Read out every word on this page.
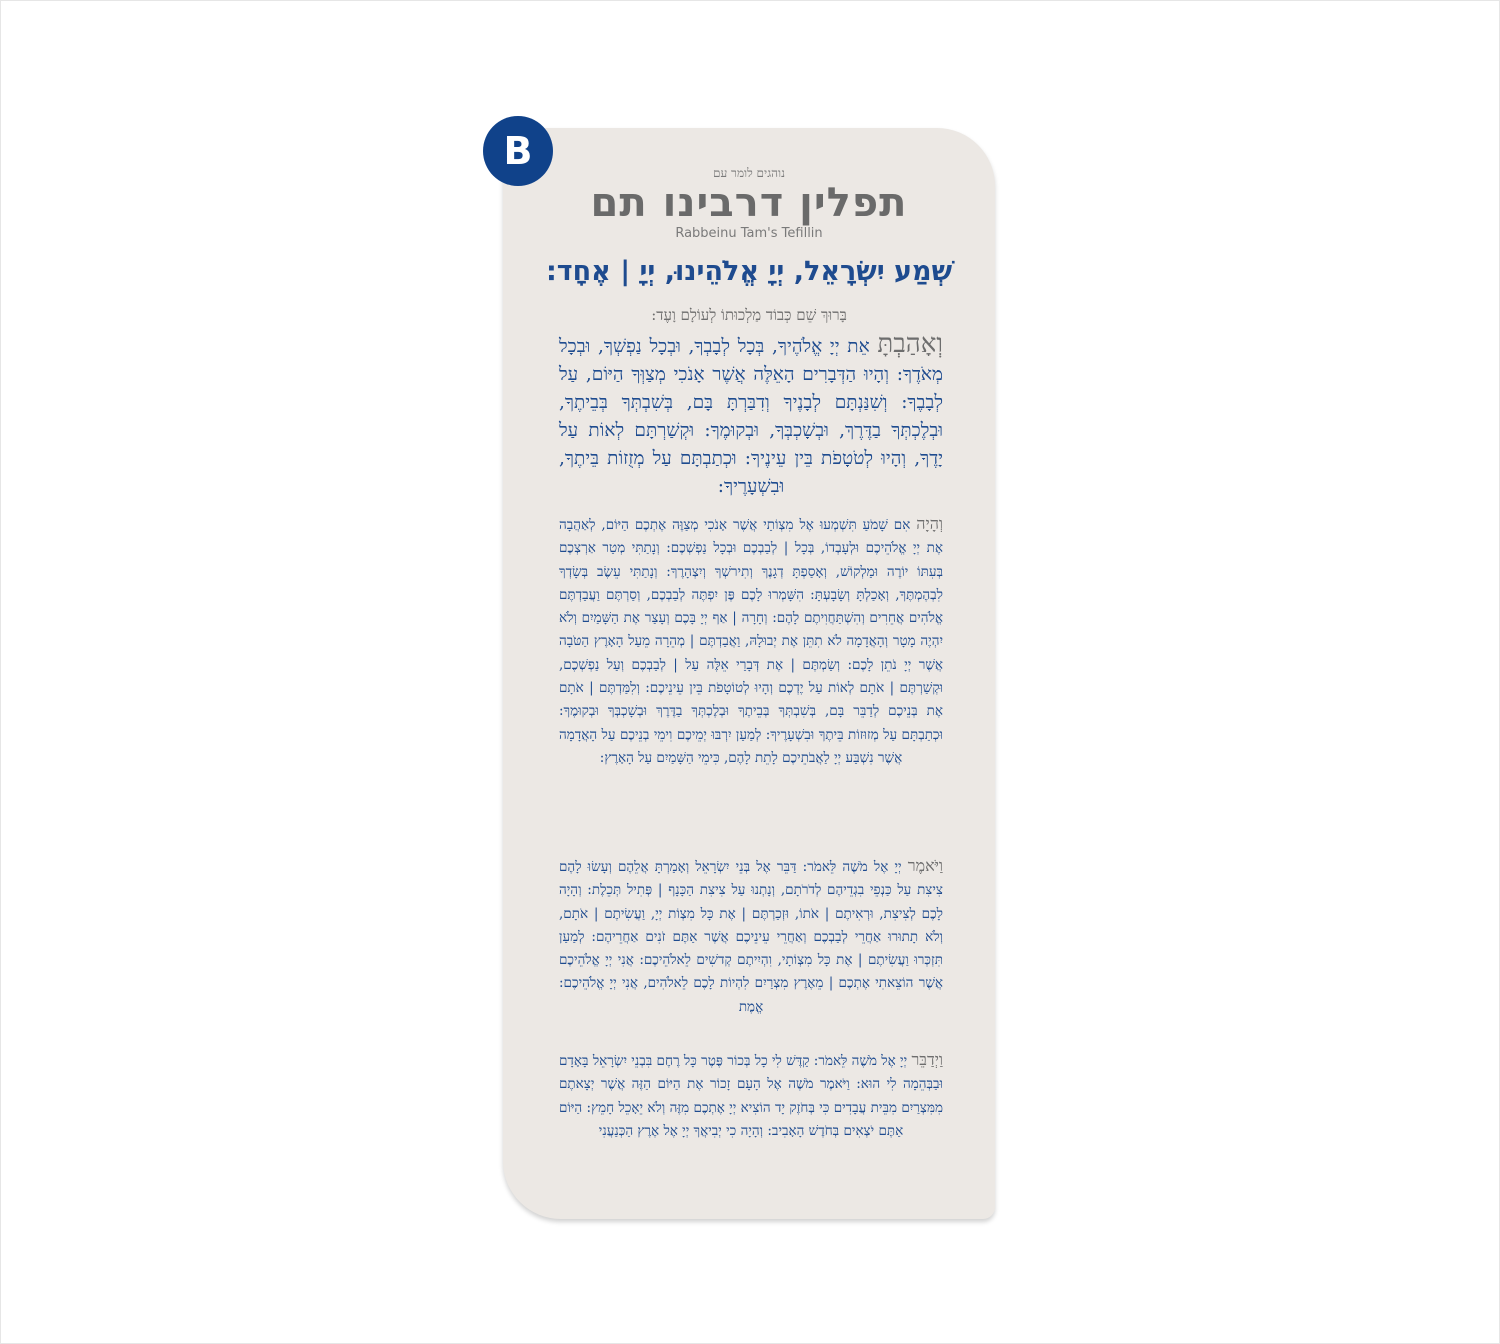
B	נוהגים לומר עם
תפלין דרבינו תם
Rabbeinu Tam's Tefillin
שְׁמַע יִשְׂרָאֵל, יְיָ אֱלֹהֵינוּ, יְיָ | אֶחָד:
בָּרוּךְ שֵׁם כְּבוֹד מַלְכוּתוֹ לְעוֹלָם וָעֶד:
וְאָהַבְתָּ אֵת יְיָ אֱלֹהֶיךָ, בְּכָל לְבָבְךָ, וּבְכָל נַפְשְׁךָ, וּבְכָל מְאֹדֶךָ: וְהָיוּ הַדְּבָרִים הָאֵלֶּה אֲשֶׁר אָנֹכִי מְצַוְּךָ הַיּוֹם, עַל לְבָבֶךָ: וְשִׁנַּנְתָּם לְבָנֶיךָ וְדִבַּרְתָּ בָּם, בְּשִׁבְתְּךָ בְּבֵיתֶךָ, וּבְלֶכְתְּךָ בַדֶּרֶךְ, וּבְשָׁכְבְּךָ, וּבְקוּמֶךָ: וּקְשַׁרְתָּם לְאוֹת עַל יָדֶךָ, וְהָיוּ לְטֹטָפֹת בֵּין עֵינֶיךָ: וּכְתַבְתָּם עַל מְזֻזוֹת בֵּיתֶךָ, וּבִשְׁעָרֶיךָ:
וְהָיָה אִם שָׁמֹעַ תִּשְׁמְעוּ אֶל מִצְוֹתַי אֲשֶׁר אָנֹכִי מְצַוֶּה אֶתְכֶם הַיּוֹם, לְאַהֲבָה אֶת יְיָ אֱלֹהֵיכֶם וּלְעָבְדוֹ, בְּכָל | לְבַבְכֶם וּבְכָל נַפְשְׁכֶם: וְנָתַתִּי מְטַר אַרְצְכֶם בְּעִתּוֹ יוֹרֶה וּמַלְקוֹשׁ, וְאָסַפְתָּ דְגָנֶךָ וְתִירשְׁךָ וְיִצְהָרֶךָ: וְנָתַתִּי עֵשֶׂב בְּשָׂדְךָ לִבְהֶמְתֶּךָ, וְאָכַלְתָּ וְשָׂבָעְתָּ: הִשָּׁמְרוּ לָכֶם פֶּן יִפְתֶּה לְבַבְכֶם, וְסַרְתֶּם וַעֲבַדְתֶּם אֱלֹהִים אֲחֵרִים וְהִשְׁתַּחֲוִיתֶם לָהֶם: וְחָרָה | אַף יְיָ בָּכֶם וְעָצַר אֶת הַשָּׁמַיִם וְלֹא יִהְיֶה מָטָר וְהָאֲדָמָה לֹא תִתֵּן אֶת יְבוּלָהּ, וַאֲבַדְתֶּם | מְהֵרָה מֵעַל הָאָרֶץ הַטֹּבָה אֲשֶׁר יְיָ נֹתֵן לָכֶם: וְשַׂמְתֶּם | אֶת דְּבָרַי אֵלֶּה עַל | לְבַבְכֶם וְעַל נַפְשְׁכֶם, וּקְשַׁרְתֶּם | אֹתָם לְאוֹת עַל יֶדְכֶם וְהָיוּ לְטוֹטָפֹת בֵּין עֵינֵיכֶם: וְלִמַּדְתֶּם | אֹתָם אֶת בְּנֵיכֶם לְדַבֵּר בָּם, בְּשִׁבְתְּךָ בְּבֵיתֶךָ וּבְלֶכְתְּךָ בַדֶּרֶךְ וּבְשָׁכְבְּךָ וּבְקוּמֶךָ: וּכְתַבְתָּם עַל מְזוּזוֹת בֵּיתֶךָ וּבִשְׁעָרֶיךָ: לְמַעַן יִרְבּוּ יְמֵיכֶם וִימֵי בְנֵיכֶם עַל הָאֲדָמָה אֲשֶׁר נִשְׁבַּע יְיָ לַאֲבֹתֵיכֶם לָתֵת לָהֶם, כִּימֵי הַשָּׁמַיִם עַל הָאָרֶץ:
וַיֹּאמֶר יְיָ אֶל מֹשֶׁה לֵּאמֹר: דַּבֵּר אֶל בְּנֵי יִשְׂרָאֵל וְאָמַרְתָּ אֲלֵהֶם וְעָשׂוּ לָהֶם צִיצִת עַל כַּנְפֵי בִגְדֵיהֶם לְדֹרֹתָם, וְנָתְנוּ עַל צִיצִת הַכָּנָף | פְּתִיל תְּכֵלֶת: וְהָיָה לָכֶם לְצִיצִת, וּרְאִיתֶם | אֹתוֹ, וּזְכַרְתֶּם | אֶת כָּל מִצְוֹת יְיָ, וַעֲשִׂיתֶם | אֹתָם, וְלֹא תָתוּרוּ אַחֲרֵי לְבַבְכֶם וְאַחֲרֵי עֵינֵיכֶם אֲשֶׁר אַתֶּם זֹנִים אַחֲרֵיהֶם: לְמַעַן תִּזְכְּרוּ וַעֲשִׂיתֶם | אֶת כָּל מִצְוֹתָי, וִהְיִיתֶם קְדשִׁים לֵאלֹהֵיכֶם: אֲנִי יְיָ אֱלֹהֵיכֶם אֲשֶׁר הוֹצֵאתִי אֶתְכֶם | מֵאֶרֶץ מִצְרַיִם לִהְיוֹת לָכֶם לֵאלֹהִים, אֲנִי יְיָ אֱלֹהֵיכֶם: אֱמֶת
וַיְדַבֵּר יְיָ אֶל מֹשֶׁה לֵּאמֹר: קַדֶּשׁ לִי כָל בְּכוֹר פֶּטֶר כָּל רֶחֶם בִּבְנֵי יִשְׂרָאֵל בָּאָדָם וּבַבְּהֵמָה לִי הוּא: וַיֹּאמֶר מֹשֶׁה אֶל הָעָם זָכוֹר אֶת הַיּוֹם הַזֶּה אֲשֶׁר יְצָאתֶם מִמִּצְרַיִם מִבֵּית עֲבָדִים כִּי בְּחֹזֶק יָד הוֹצִיא יְיָ אֶתְכֶם מִזֶּה וְלֹא יֵאָכֵל חָמֵץ: הַיּוֹם אַתֶּם יֹצְאִים בְּחֹדֶשׁ הָאָבִיב: וְהָיָה כִי יְבִיאֲךָ יְיָ אֶל אֶרֶץ הַכְּנַעֲנִי
